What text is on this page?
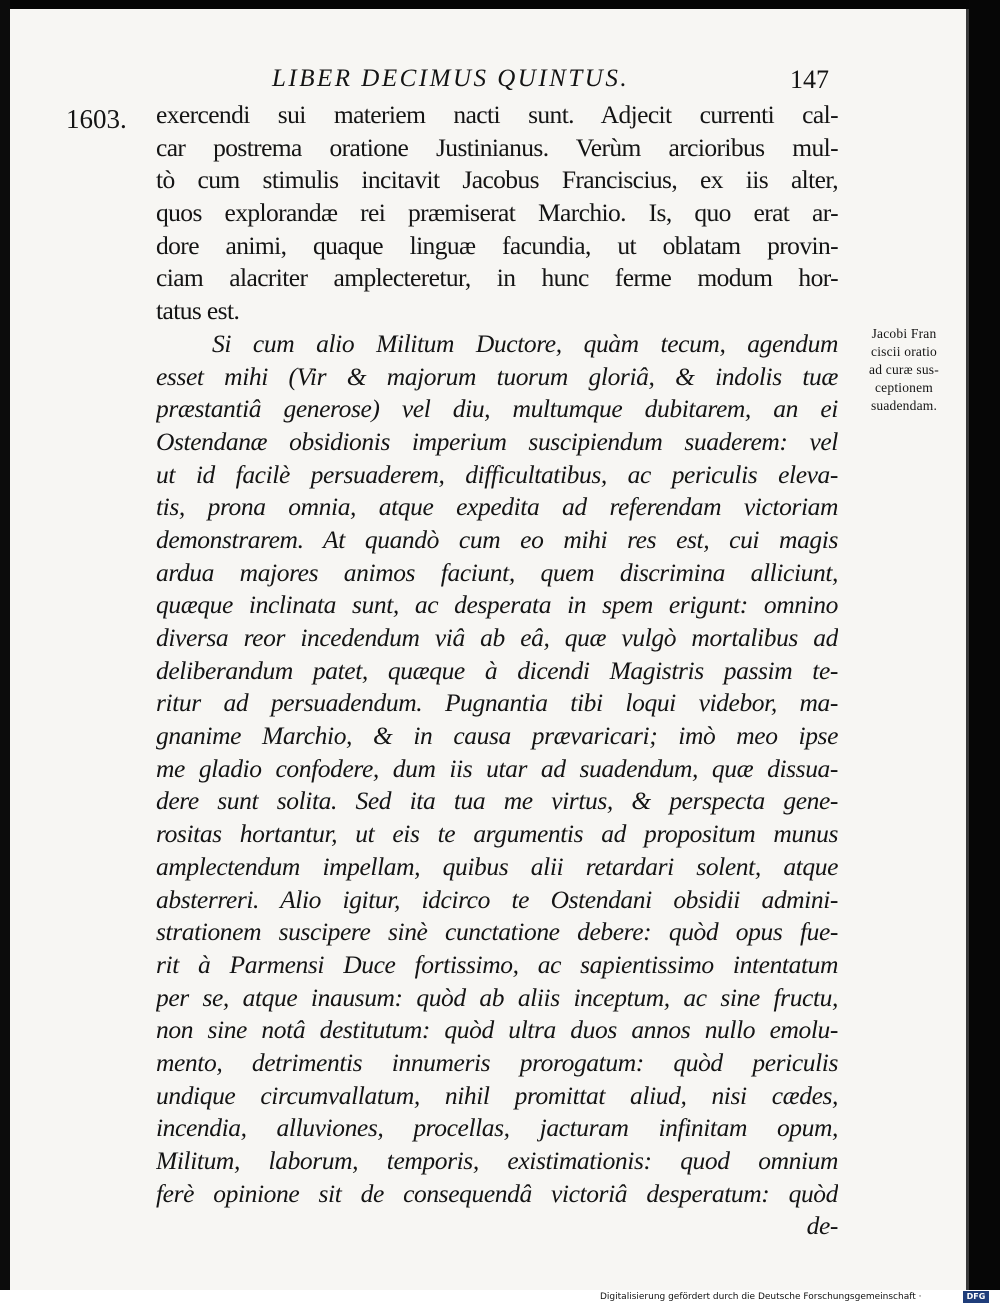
LIBER DECIMUS QUINTUS.	147
1603. exercendi sui materiem nacti sunt. Adjecit currenti cal-
car postrema oratione Justinianus. Verùm arcioribus mul-
tò cum stimulis incitavit Jacobus Franciscius, ex iis alter,
quos explorandæ rei præmiserat Marchio. Is, quo erat ar-
dore animi, quaque linguæ facundia, ut oblatam provin-
ciam alacriter amplecteretur, in hunc ferme modum hor-
tatus est.
Si cum alio Militum Ductore, quàm tecum, agendum
esset mihi (Vir & majorum tuorum gloriâ, & indolis tuæ
præstantiâ generose) vel diu, multumque dubitarem, an ei
Ostendanæ obsidionis imperium suscipiendum suaderem: vel
ut id facilè persuaderem, difficultatibus, ac periculis eleva-
tis, prona omnia, atque expedita ad referendam victoriam
demonstrarem. At quandò cum eo mihi res est, cui magis
ardua majores animos faciunt, quem discrimina alliciunt,
quæque inclinata sunt, ac desperata in spem erigunt: omnino
diversa reor incedendum viâ ab eâ, quæ vulgò mortalibus ad
deliberandum patet, quæque à dicendi Magistris passim te-
ritur ad persuadendum. Pugnantia tibi loqui videbor, ma-
gnanime Marchio, & in causa prævaricari; imò meo ipse
me gladio confodere, dum iis utar ad suadendum, quæ dissua-
dere sunt solita. Sed ita tua me virtus, & perspecta gene-
rositas hortantur, ut eis te argumentis ad propositum munus
amplectendum impellam, quibus alii retardari solent, atque
absterreri. Alio igitur, idcirco te Ostendani obsidii admini-
strationem suscipere sinè cunctatione debere: quòd opus fue-
rit à Parmensi Duce fortissimo, ac sapientissimo intentatum
per se, atque inausum: quòd ab aliis inceptum, ac sine fructu,
non sine notâ destitutum: quòd ultra duos annos nullo emolu-
mento, detrimentis innumeris prorogatum: quòd periculis
undique circumvallatum, nihil promittat aliud, nisi cædes,
incendia, alluviones, procellas, jacturam infinitam opum,
Militum, laborum, temporis, existimationis: quod omnium
ferè opinione sit de consequendâ victoriâ desperatum: quòd
de-
Jacobi Fran
ciscii oratio
ad curæ sus-
ceptionem
suadendam.
Digitalisierung gefördert durch die Deutsche Forschungsgemeinschaft ·	DFG
